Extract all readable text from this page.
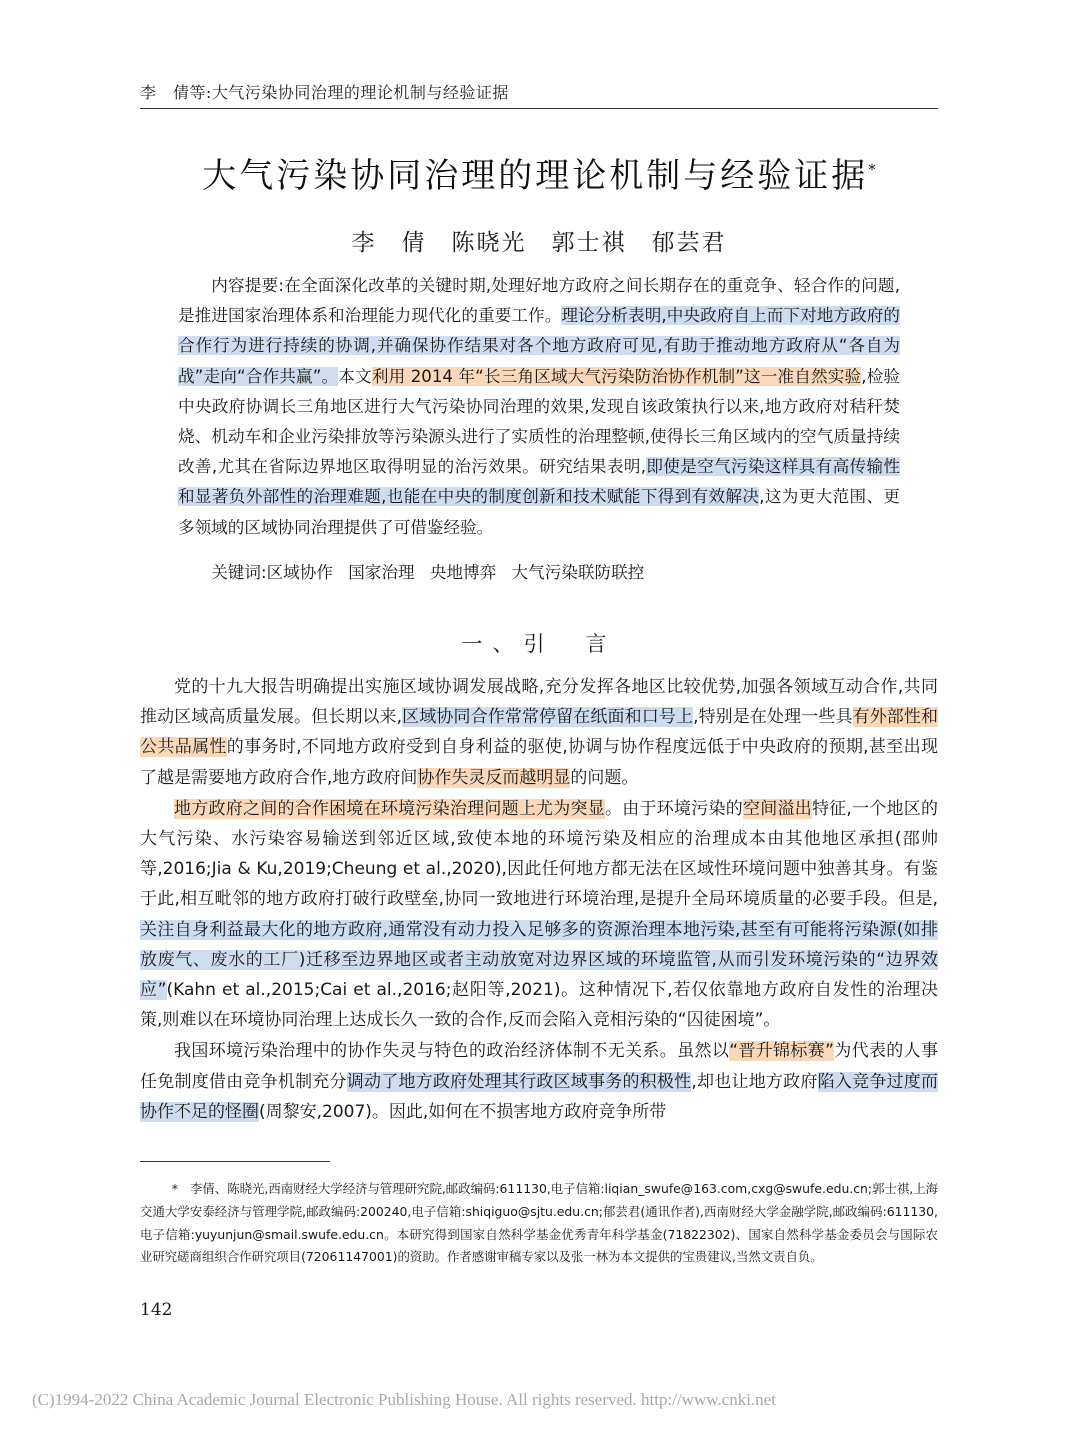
李　倩等:大气污染协同治理的理论机制与经验证据
大气污染协同治理的理论机制与经验证据*
李　倩　陈晓光　郭士祺　郁芸君
内容提要:在全面深化改革的关键时期,处理好地方政府之间长期存在的重竞争、轻合作的问题,是推进国家治理体系和治理能力现代化的重要工作。理论分析表明,中央政府自上而下对地方政府的合作行为进行持续的协调,并确保协作结果对各个地方政府可见,有助于推动地方政府从“各自为战”走向“合作共赢”。本文利用 2014 年“长三角区域大气污染防治协作机制”这一准自然实验,检验中央政府协调长三角地区进行大气污染协同治理的效果,发现自该政策执行以来,地方政府对秸秆焚烧、机动车和企业污染排放等污染源头进行了实质性的治理整顿,使得长三角区域内的空气质量持续改善,尤其在省际边界地区取得明显的治污效果。研究结果表明,即使是空气污染这样具有高传输性和显著负外部性的治理难题,也能在中央的制度创新和技术赋能下得到有效解决,这为更大范围、更多领域的区域协同治理提供了可借鉴经验。
关键词:区域协作 国家治理 央地博弈 大气污染联防联控
一、引　言

党的十九大报告明确提出实施区域协调发展战略,充分发挥各地区比较优势,加强各领域互动合作,共同推动区域高质量发展。但长期以来,区域协同合作常常停留在纸面和口号上,特别是在处理一些具有外部性和公共品属性的事务时,不同地方政府受到自身利益的驱使,协调与协作程度远低于中央政府的预期,甚至出现了越是需要地方政府合作,地方政府间协作失灵反而越明显的问题。

地方政府之间的合作困境在环境污染治理问题上尤为突显。由于环境污染的空间溢出特征,一个地区的大气污染、水污染容易输送到邻近区域,致使本地的环境污染及相应的治理成本由其他地区承担(邵帅等,2016;Jia & Ku,2019;Cheung et al.,2020),因此任何地方都无法在区域性环境问题中独善其身。有鉴于此,相互毗邻的地方政府打破行政壁垒,协同一致地进行环境治理,是提升全局环境质量的必要手段。但是,关注自身利益最大化的地方政府,通常没有动力投入足够多的资源治理本地污染,甚至有可能将污染源(如排放废气、废水的工厂)迁移至边界地区或者主动放宽对边界区域的环境监管,从而引发环境污染的“边界效应”(Kahn et al.,2015;Cai et al.,2016;赵阳等,2021)。这种情况下,若仅依靠地方政府自发性的治理决策,则难以在环境协同治理上达成长久一致的合作,反而会陷入竞相污染的“囚徒困境”。

我国环境污染治理中的协作失灵与特色的政治经济体制不无关系。虽然以“晋升锦标赛”为代表的人事任免制度借由竞争机制充分调动了地方政府处理其行政区域事务的积极性,却也让地方政府陷入竞争过度而协作不足的怪圈(周黎安,2007)。因此,如何在不损害地方政府竞争所带

* 李倩、陈晓光,西南财经大学经济与管理研究院,邮政编码:611130,电子信箱:liqian_swufe@163.com,cxg@swufe.edu.cn;郭士祺,上海交通大学安泰经济与管理学院,邮政编码:200240,电子信箱:shiqiguo@sjtu.edu.cn;郁芸君(通讯作者),西南财经大学金融学院,邮政编码:611130,电子信箱:yuyunjun@smail.swufe.edu.cn。本研究得到国家自然科学基金优秀青年科学基金(71822302)、国家自然科学基金委员会与国际农业研究磋商组织合作研究项目(72061147001)的资助。作者感谢审稿专家以及张一林为本文提供的宝贵建议,当然文责自负。
142
(C)1994-2022 China Academic Journal Electronic Publishing House. All rights reserved. http://www.cnki.net
